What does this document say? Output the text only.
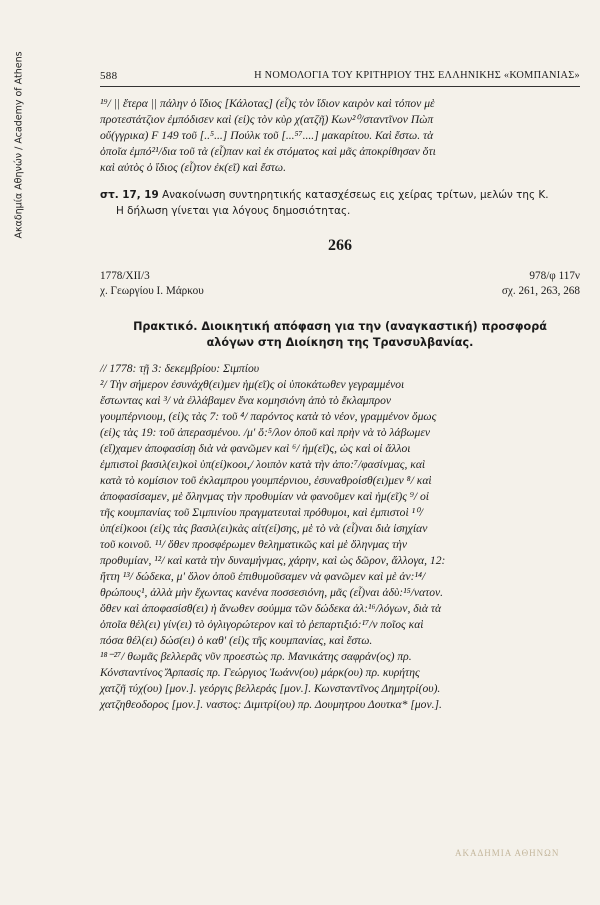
Ακαδημία Αθηνών / Academy of Athens	588	Η ΝΟΜΟΛΟΓΙΑ ΤΟΥ ΚΡΙΤΗΡΙΟΥ ΤΗΣ ΕΛΛΗΝΙΚΗΣ «ΚΟΜΠΑΝΙΑΣ»

¹⁹/ || ἕτερα || πάλην ὁ ἴδιος [Κάλοτας] (εἶ)ς τὸν ἴδιον καιρὸν καὶ τόπον μὲ

προτεστάτζιον ἐμπόδισεν καὶ (εἰ)ς τὸν κὺρ χ(ατζῆ) Κων²⁰/σταντῖνον Πὼπ

οὔ(γγρικα) F 149 τοῦ [..⁵...] Πούλκ τοῦ [...⁵⁷....] μακαρίτου. Καὶ ἔστω. τὰ

ὁποῖα ἐμπό²¹/δια τοῦ τὰ (εἶ)παν καὶ ἐκ στόματος καὶ μᾶς ἀποκρίθησαν ὅτι

καὶ αὐτὸς ὁ ἴδιος (εἶ)τον ἐκ(εῖ) καὶ ἔστω.

στ. 17, 19 Ανακοίνωση συντηρητικής κατασχέσεως εις χείρας τρίτων, μελών της Κ.
Η δήλωση γίνεται για λόγους δημοσιότητας.

266

1778/XII/3	978/φ 117ν
χ. Γεωργίου Ι. Μάρκου	σχ. 261, 263, 268

Πρακτικό. Διοικητική απόφαση για την (αναγκαστική) προσφορά

αλόγων στη Διοίκηση της Τρανσυλβανίας.

// 1778: τῇ 3: δεκεμβρίου: Σιμπίου

²/ Τὴν σήμερον ἐσυνάχθ(ει)μεν ἡμ(εῖ)ς οἱ ὑποκάτωθεν γεγραμμένοι

ἔστωντας καὶ ³/ νὰ ἐλλάβαμεν ἕνα κομησιόνη ἀπὸ τὸ ἔκλαμπρον

γουμπέρνιουμ, (εἰ)ς τὰς 7: τοῦ ⁴/ παρόντος κατὰ τὸ νέον, γραμμένον ὅμως

(εἰ)ς τὰς 19: τοῦ ἀπερασμένου. /μ' ὅ:⁵/λον ὁποῦ καὶ πρὴν νὰ τὸ λάβωμεν

(εἴ)χαμεν ἀποφασίσῃ διὰ νὰ φανῶμεν καὶ ⁶/ ἡμ(εῖ)ς, ὡς καὶ οἱ ἄλλοι

ἐμπιστοὶ βασιλ(ει)κοὶ ὑπ(εί)κοοι,/ λοιπὸν κατὰ τὴν ἀπο:⁷/φασίνμας, καὶ

κατὰ τὸ κομίσιον τοῦ ἐκλαμπρου γουμπέρνιου, ἐσυναθροίσθ(ει)μεν ⁸/ καὶ

ἀποφασίσαμεν, μὲ ὅληνμας τὴν προθυμίαν νὰ φανοῦμεν καὶ ἡμ(εῖ)ς ⁹/ οἱ

τῆς κουμπανίας τοῦ Σιμπινίου πραγματευταὶ πρόθυμοι, καὶ ἐμπιστοὶ ¹⁰/

ὑπ(εί)κοοι (εἰ)ς τὰς βασιλ(ει)κὰς αἰτ(εί)σης, μὲ τὸ νὰ (εἶ)ναι διὰ ἰσηχίαν

τοῦ κοινοῦ. ¹¹/ ὅθεν προσφέρωμεν θεληματικῶς καὶ μὲ ὅληνμας τὴν

προθυμίαν, ¹²/ καὶ κατὰ τὴν δυναμήνμας, χάρην, καὶ ὡς δῶρον, ἄλλογα, 12:

ἤττη ¹³/ δώδεκα, μ' ὅλον ὁποῦ ἐπιθυμοῦσαμεν νὰ φανῶμεν καὶ μὲ ἀν:¹⁴/

θρώπους¹, ἀλλὰ μὴν ἔχωντας κανένα ποσσεσιόνη, μᾶς (εἶ)ναι ἀδὺ:¹⁵/νατον.

ὅθεν καὶ ἀποφασίσθ(ει) ἡ ἄνωθεν σούμμα τῶν δώδεκα ἀλ:¹⁶/λόγων, διὰ τὰ

ὁποῖα θέλ(ει) γίν(ει) τὸ ὀγλιγορώτερον καὶ τὸ ῥεπαρτιξιό:¹⁷/ν ποῖος καὶ

πόσα θέλ(ει) δώσ(ει) ὁ καθ' (εἰ)ς τῆς κουμπανίας, καὶ ἔστω.

¹⁸⁻²⁷/ θωμᾶς βελλερᾶς νῦν προεστὼς πρ. Μανικάτης σαφράν(ος) πρ.

Κόνσταντίνος Ἄρπασίς πρ. Γεώργιος Ἰωάνν(ου) μάρκ(ου) πρ. κυρήτης

χατζῆ τύχ(ου) [μον.]. γεόργις βελλεράς [μον.]. Κωνσταντῖνος Δημητρί(ου).

χατζηθεοδορος [μον.]. ναστος: Διμιτρί(ου) πρ. Δουμητρου Δουτκα* [μον.].

ΑΚΑΔΗΜΙΑ ΑΘΗΝΩΝ
